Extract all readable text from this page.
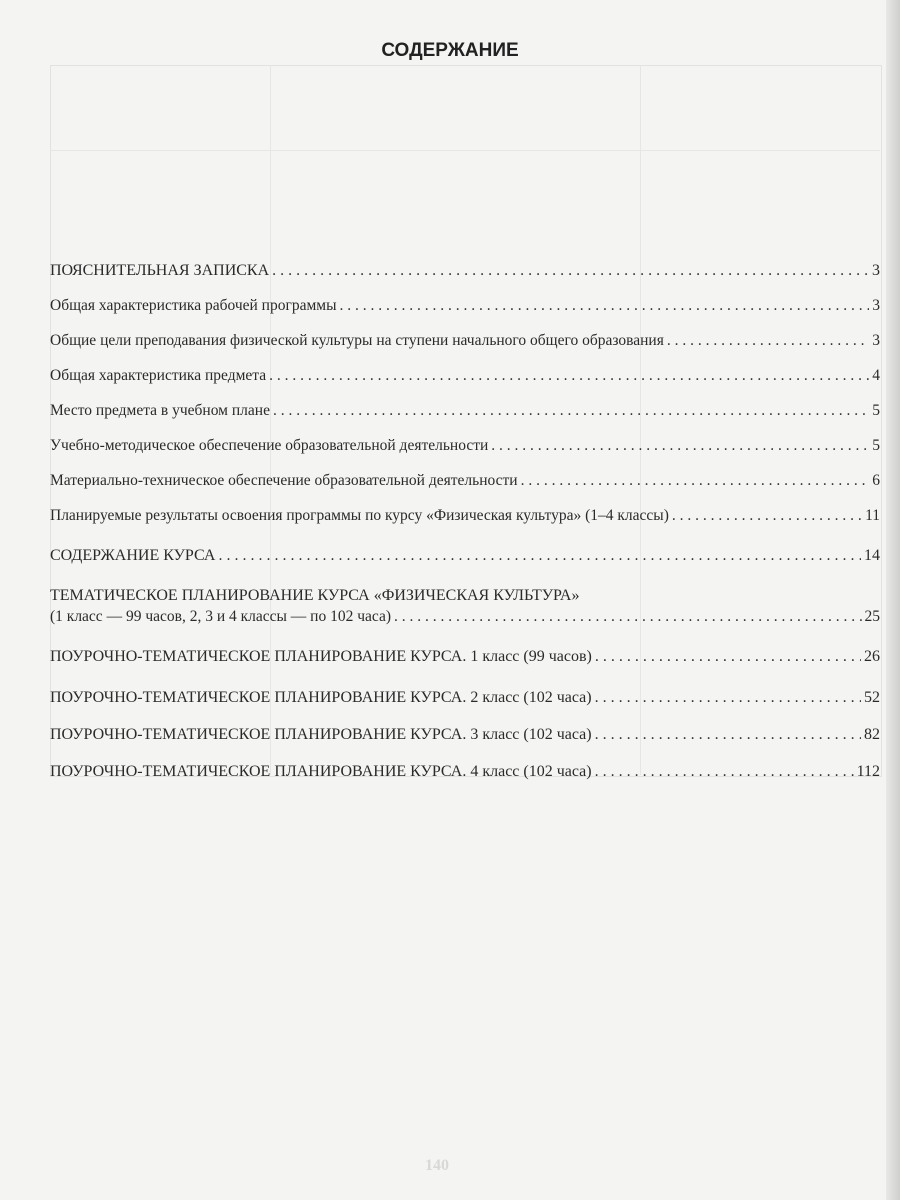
СОДЕРЖАНИЕ
ПОЯСНИТЕЛЬНАЯ ЗАПИСКА . . .	3
Общая характеристика рабочей программы . . .	3
Общие цели преподавания физической культуры на ступени начального общего образования . . .	3
Общая характеристика предмета . . .	4
Место предмета в учебном плане . . .	5
Учебно-методическое обеспечение образовательной деятельности . . .	5
Материально-техническое обеспечение образовательной деятельности . . .	6
Планируемые результаты освоения программы по курсу «Физическая культура» (1–4 классы) . . .	11
СОДЕРЖАНИЕ КУРСА . . .	14
ТЕМАТИЧЕСКОЕ ПЛАНИРОВАНИЕ КУРСА «ФИЗИЧЕСКАЯ КУЛЬТУРА»
(1 класс — 99 часов, 2, 3 и 4 классы — по 102 часа) . . .	25
ПОУРОЧНО-ТЕМАТИЧЕСКОЕ ПЛАНИРОВАНИЕ КУРСА. 1 класс (99 часов) . . .	26
ПОУРОЧНО-ТЕМАТИЧЕСКОЕ ПЛАНИРОВАНИЕ КУРСА. 2 класс (102 часа) . . .	52
ПОУРОЧНО-ТЕМАТИЧЕСКОЕ ПЛАНИРОВАНИЕ КУРСА. 3 класс (102 часа) . . .	82
ПОУРОЧНО-ТЕМАТИЧЕСКОЕ ПЛАНИРОВАНИЕ КУРСА. 4 класс (102 часа) . . .	112
140
